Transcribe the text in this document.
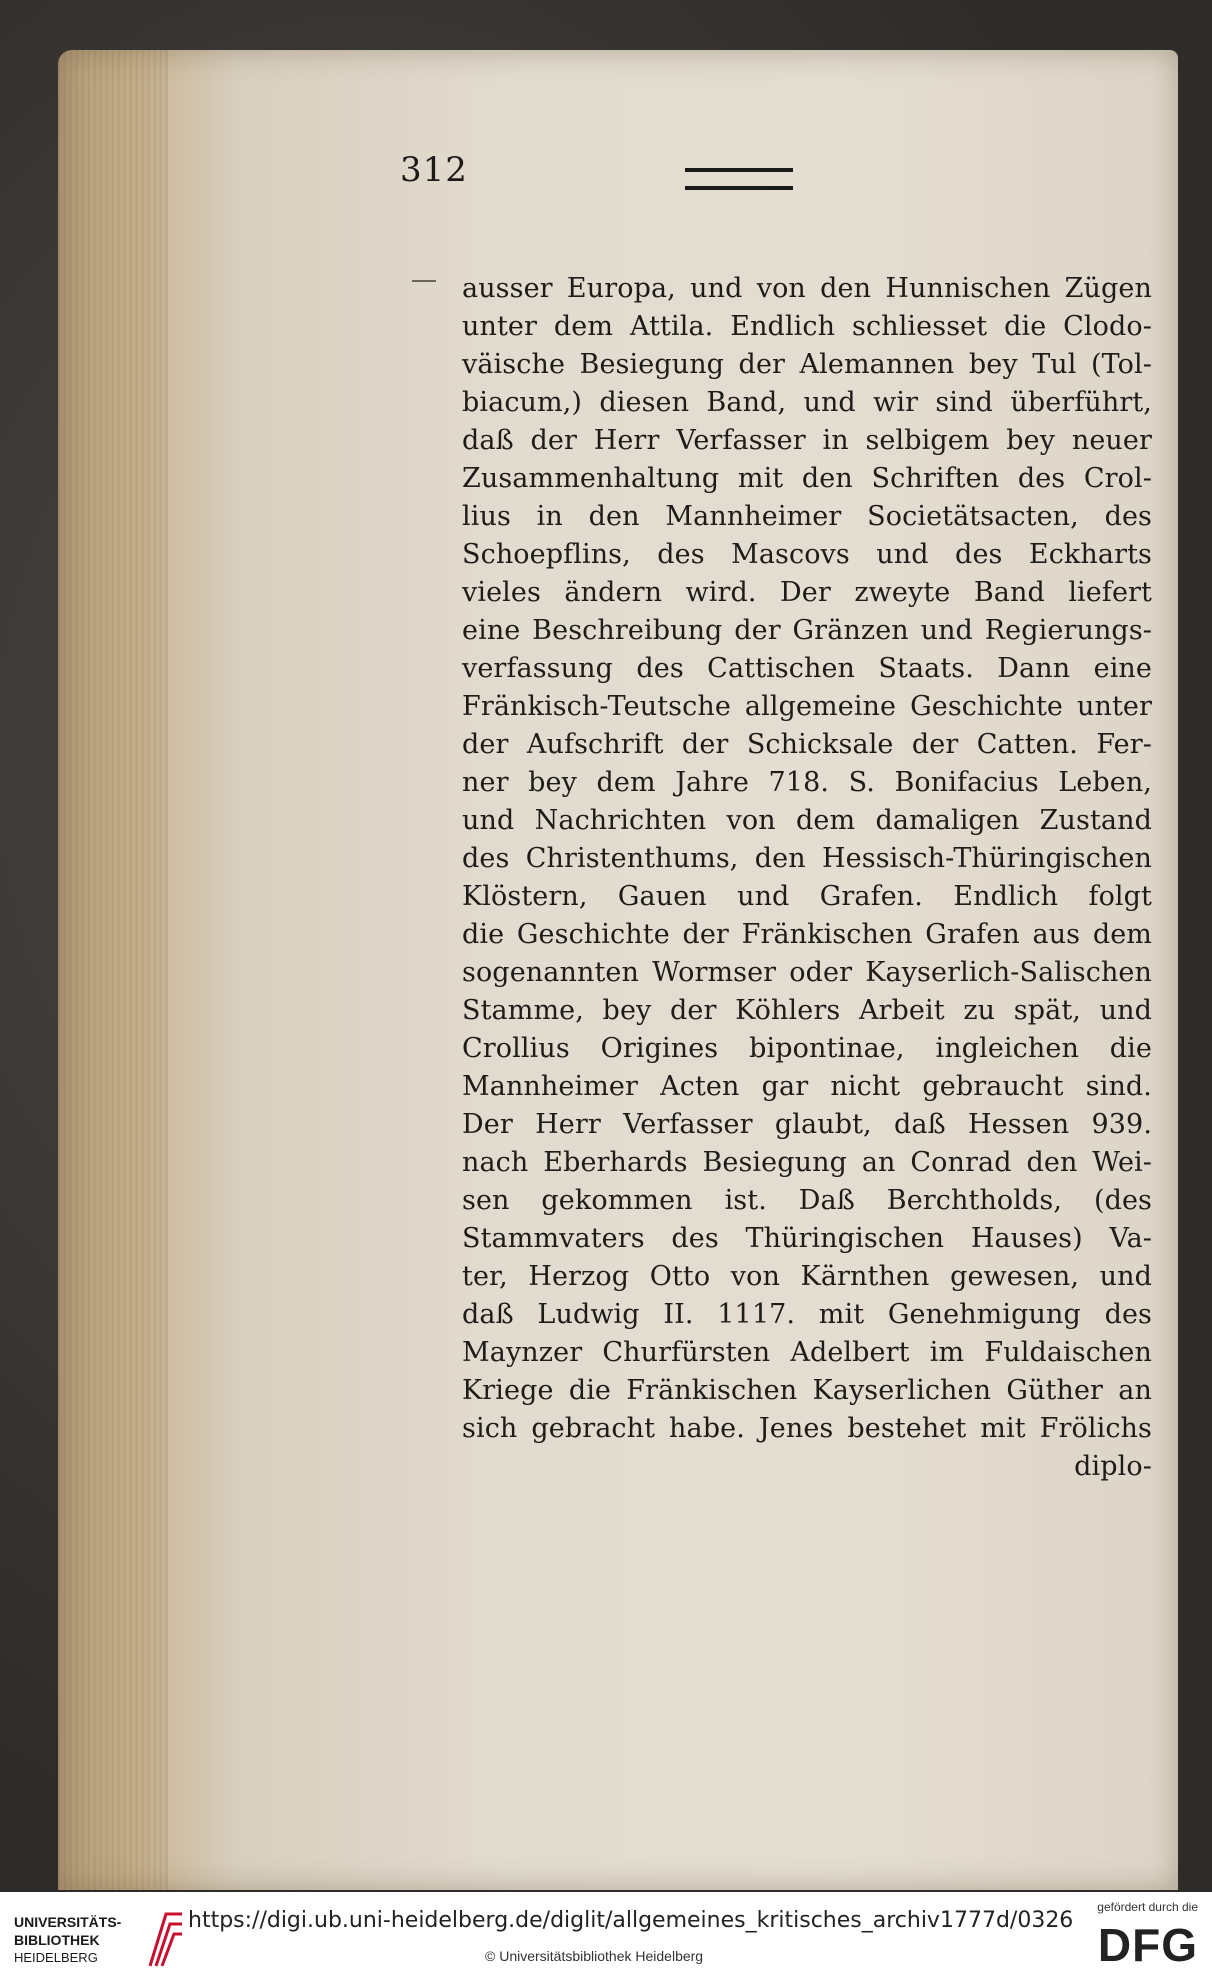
312
ausser Europa, und von den Hunnischen Zügen
unter dem Attila. Endlich schliesset die Clodo-
väische Besiegung der Alemannen bey Tul (Tol-
biacum,) diesen Band, und wir sind überführt,
daß der Herr Verfasser in selbigem bey neuer
Zusammenhaltung mit den Schriften des Crol-
lius in den Mannheimer Societätsacten, des
Schoepflins, des Mascovs und des Eckharts
vieles ändern wird. Der zweyte Band liefert
eine Beschreibung der Gränzen und Regierungs-
verfassung des Cattischen Staats. Dann eine
Fränkisch-Teutsche allgemeine Geschichte unter
der Aufschrift der Schicksale der Catten. Fer-
ner bey dem Jahre 718. S. Bonifacius Leben,
und Nachrichten von dem damaligen Zustand
des Christenthums, den Hessisch-Thüringischen
Klöstern, Gauen und Grafen. Endlich folgt
die Geschichte der Fränkischen Grafen aus dem
sogenannten Wormser oder Kayserlich-Salischen
Stamme, bey der Köhlers Arbeit zu spät, und
Crollius Origines bipontinae, ingleichen die
Mannheimer Acten gar nicht gebraucht sind.
Der Herr Verfasser glaubt, daß Hessen 939.
nach Eberhards Besiegung an Conrad den Wei-
sen gekommen ist. Daß Berchtholds, (des
Stammvaters des Thüringischen Hauses) Va-
ter, Herzog Otto von Kärnthen gewesen, und
daß Ludwig II. 1117. mit Genehmigung des
Maynzer Churfürsten Adelbert im Fuldaischen
Kriege die Fränkischen Kayserlichen Güther an
sich gebracht habe. Jenes bestehet mit Frölichs
diplo-
UNIVERSITÄTS-
BIBLIOTHEK
HEIDELBERG
https://digi.ub.uni-heidelberg.de/diglit/allgemeines_kritisches_archiv1777d/0326
© Universitätsbibliothek Heidelberg
gefördert durch die
DFG
